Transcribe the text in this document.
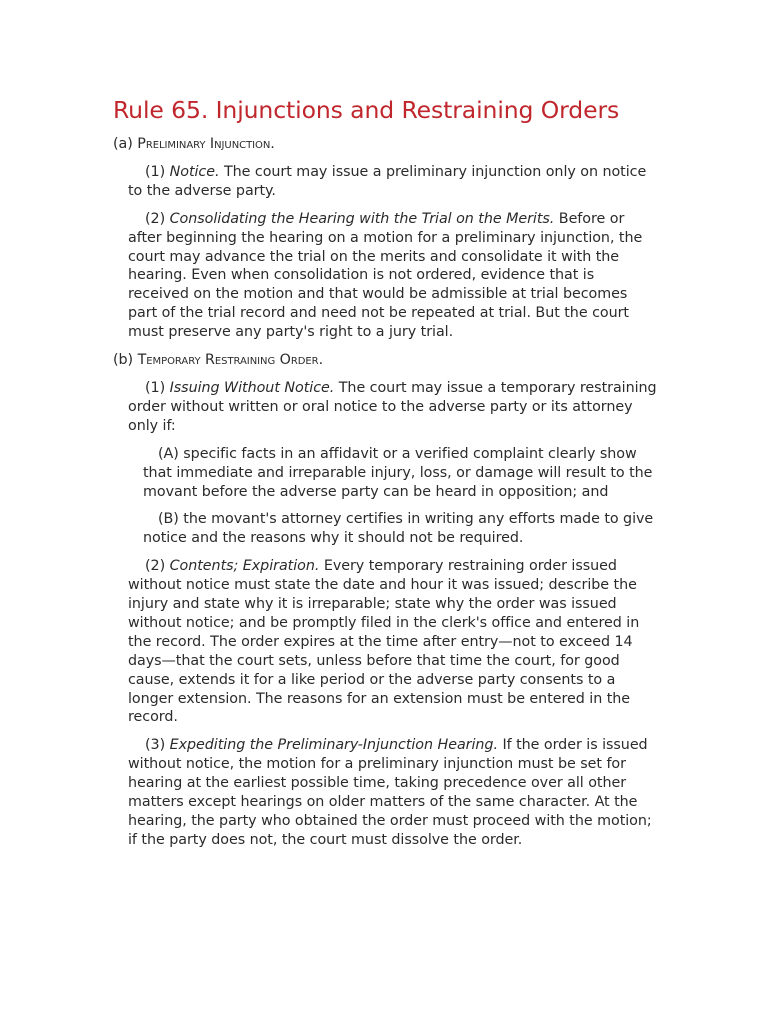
Rule 65. Injunctions and Restraining Orders

(a) Preliminary Injunction.

(1) Notice. The court may issue a preliminary injunction only on notice to the adverse party.

(2) Consolidating the Hearing with the Trial on the Merits. Before or after beginning the hearing on a motion for a preliminary injunction, the court may advance the trial on the merits and consolidate it with the hearing. Even when consolidation is not ordered, evidence that is received on the motion and that would be admissible at trial becomes part of the trial record and need not be repeated at trial. But the court must preserve any party's right to a jury trial.

(b) Temporary Restraining Order.

(1) Issuing Without Notice. The court may issue a temporary restraining order without written or oral notice to the adverse party or its attorney only if:

(A) specific facts in an affidavit or a verified complaint clearly show that immediate and irreparable injury, loss, or damage will result to the movant before the adverse party can be heard in opposition; and

(B) the movant's attorney certifies in writing any efforts made to give notice and the reasons why it should not be required.

(2) Contents; Expiration. Every temporary restraining order issued without notice must state the date and hour it was issued; describe the injury and state why it is irreparable; state why the order was issued without notice; and be promptly filed in the clerk's office and entered in the record. The order expires at the time after entry—not to exceed 14 days—that the court sets, unless before that time the court, for good cause, extends it for a like period or the adverse party consents to a longer extension. The reasons for an extension must be entered in the record.

(3) Expediting the Preliminary-Injunction Hearing. If the order is issued without notice, the motion for a preliminary injunction must be set for hearing at the earliest possible time, taking precedence over all other matters except hearings on older matters of the same character. At the hearing, the party who obtained the order must proceed with the motion; if the party does not, the court must dissolve the order.
